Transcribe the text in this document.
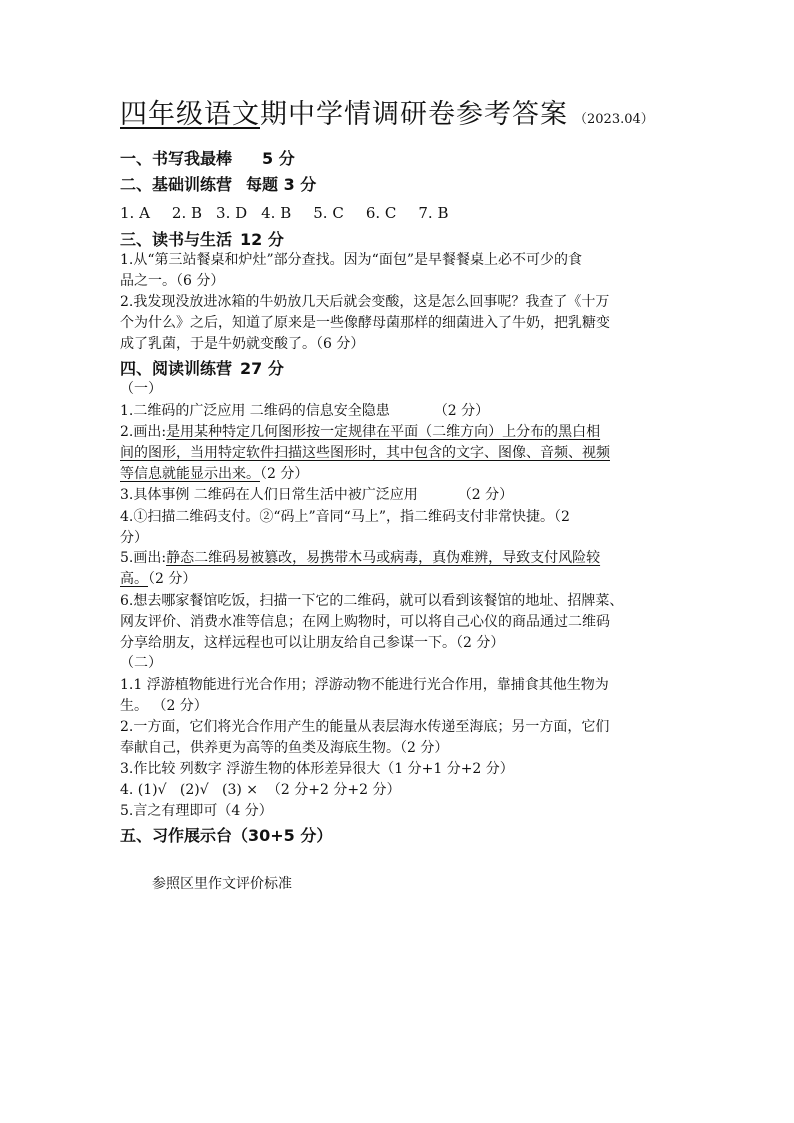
四年级语文期中学情调研卷参考答案 （2023.04）
一、书写我最棒 5 分
二、基础训练营 每题 3 分
1. A 2. B 3. D 4. B 5. C 6. C 7. B
三、读书与生活 12 分
1.从“第三站餐桌和炉灶”部分查找。因为“面包”是早餐餐桌上必不可少的食
品之一。（6 分）
2.我发现没放进冰箱的牛奶放几天后就会变酸，这是怎么回事呢？我查了《十万
个为什么》之后，知道了原来是一些像酵母菌那样的细菌进入了牛奶，把乳糖变
成了乳菌，于是牛奶就变酸了。（6 分）
四、阅读训练营 27 分
（一）
1.二维码的广泛应用 二维码的信息安全隐患	（2 分）
2.画出:是用某种特定几何图形按一定规律在平面（二维方向）上分布的黑白相
间的图形，当用特定软件扫描这些图形时，其中包含的文字、图像、音频、视频
等信息就能显示出来。（2 分）
3.具体事例 二维码在人们日常生活中被广泛应用	（2 分）
4.①扫描二维码支付。②“码上”音同“马上”，指二维码支付非常快捷。（2
分）
5.画出:静态二维码易被篡改，易携带木马或病毒，真伪难辨，导致支付风险较
高。（2 分）
6.想去哪家餐馆吃饭，扫描一下它的二维码，就可以看到该餐馆的地址、招牌菜、
网友评价、消费水准等信息；在网上购物时，可以将自己心仪的商品通过二维码
分享给朋友，这样远程也可以让朋友给自己参谋一下。（2 分）
（二）
1.1 浮游植物能进行光合作用；浮游动物不能进行光合作用，靠捕食其他生物为
生。 （2 分）
2.一方面，它们将光合作用产生的能量从表层海水传递至海底；另一方面，它们
奉献自己，供养更为高等的鱼类及海底生物。（2 分）
3.作比较 列数字 浮游生物的体形差异很大（1 分+1 分+2 分）
4. (1)√   (2)√   (3) ×  （2 分+2 分+2 分）
5.言之有理即可（4 分）
五、习作展示台（30+5 分）
参照区里作文评价标准
